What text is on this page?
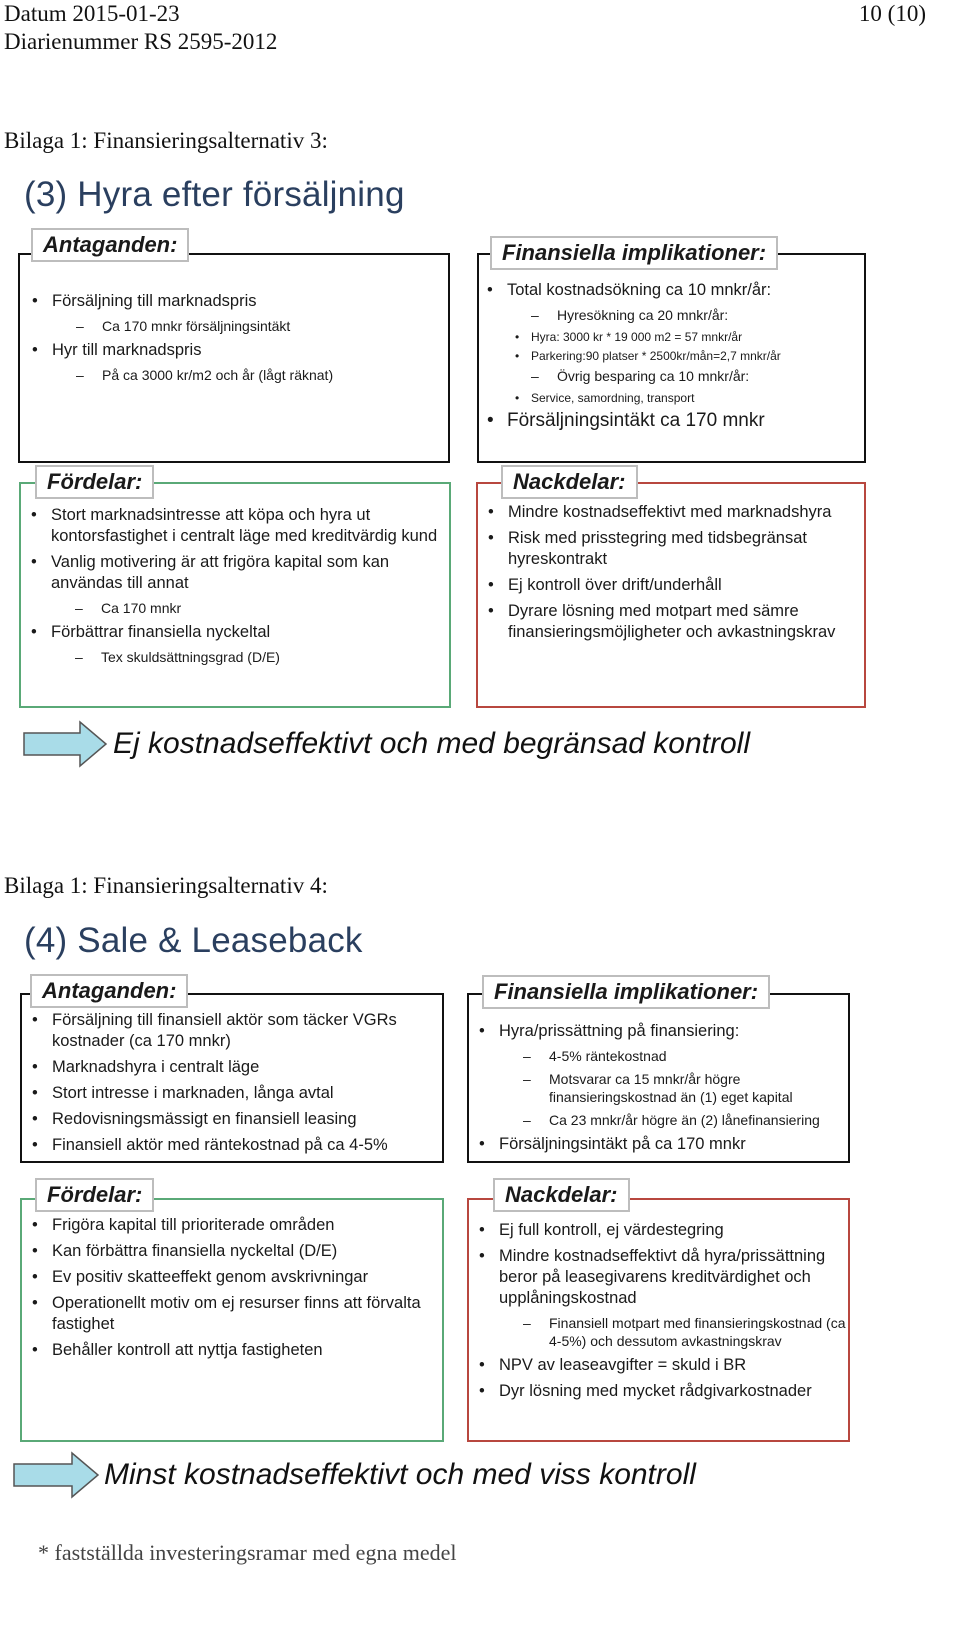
Datum 2015-01-23
Diarienummer RS 2595-2012
10 (10)
Bilaga 1: Finansieringsalternativ 3:
(3) Hyra efter försäljning
• Försäljning till marknadspris
– Ca 170 mnkr försäljningsintäkt
• Hyr till marknadspris
– På ca 3000 kr/m2 och år (lågt räknat)
Antaganden:
• Total kostnadsökning ca 10 mnkr/år:
– Hyresökning ca 20 mnkr/år:
• Hyra: 3000 kr * 19 000 m2 = 57 mnkr/år
• Parkering:90 platser * 2500kr/mån=2,7 mnkr/år
– Övrig besparing ca 10 mnkr/år:
• Service, samordning, transport
• Försäljningsintäkt ca 170 mnkr
Finansiella implikationer:
• Stort marknadsintresse att köpa och hyra ut kontorsfastighet i centralt läge med kreditvärdig kund
• Vanlig motivering är att frigöra kapital som kan användas till annat
– Ca 170 mnkr
• Förbättrar finansiella nyckeltal
– Tex skuldsättningsgrad (D/E)
Fördelar:
• Mindre kostnadseffektivt med marknadshyra
• Risk med prisstegring med tidsbegränsat hyreskontrakt
• Ej kontroll över drift/underhåll
• Dyrare lösning med motpart med sämre finansieringsmöjligheter och avkastningskrav
Nackdelar:
Ej kostnadseffektivt och med begränsad kontroll
Bilaga 1: Finansieringsalternativ 4:
(4) Sale & Leaseback
• Försäljning till finansiell aktör som täcker VGRs kostnader (ca 170 mnkr)
• Marknadshyra i centralt läge
• Stort intresse i marknaden, långa avtal
• Redovisningsmässigt en finansiell leasing
• Finansiell aktör med räntekostnad på ca 4-5%
Antaganden:
• Hyra/prissättning på finansiering:
– 4-5% räntekostnad
– Motsvarar ca 15 mnkr/år högre finansieringskostnad än (1) eget kapital
– Ca 23 mnkr/år högre än (2) lånefinansiering
• Försäljningsintäkt på ca 170 mnkr
Finansiella implikationer:
• Frigöra kapital till prioriterade områden
• Kan förbättra finansiella nyckeltal (D/E)
• Ev positiv skatteeffekt genom avskrivningar
• Operationellt motiv om ej resurser finns att förvalta fastighet
• Behåller kontroll att nyttja fastigheten
Fördelar:
• Ej full kontroll, ej värdestegring
• Mindre kostnadseffektivt då hyra/prissättning beror på leasegivarens kreditvärdighet och upplåningskostnad
– Finansiell motpart med finansieringskostnad (ca 4-5%) och dessutom avkastningskrav
• NPV av leaseavgifter = skuld i BR
• Dyr lösning med mycket rådgivarkostnader
Nackdelar:
Minst kostnadseffektivt och med viss kontroll
* fastställda investeringsramar med egna medel
